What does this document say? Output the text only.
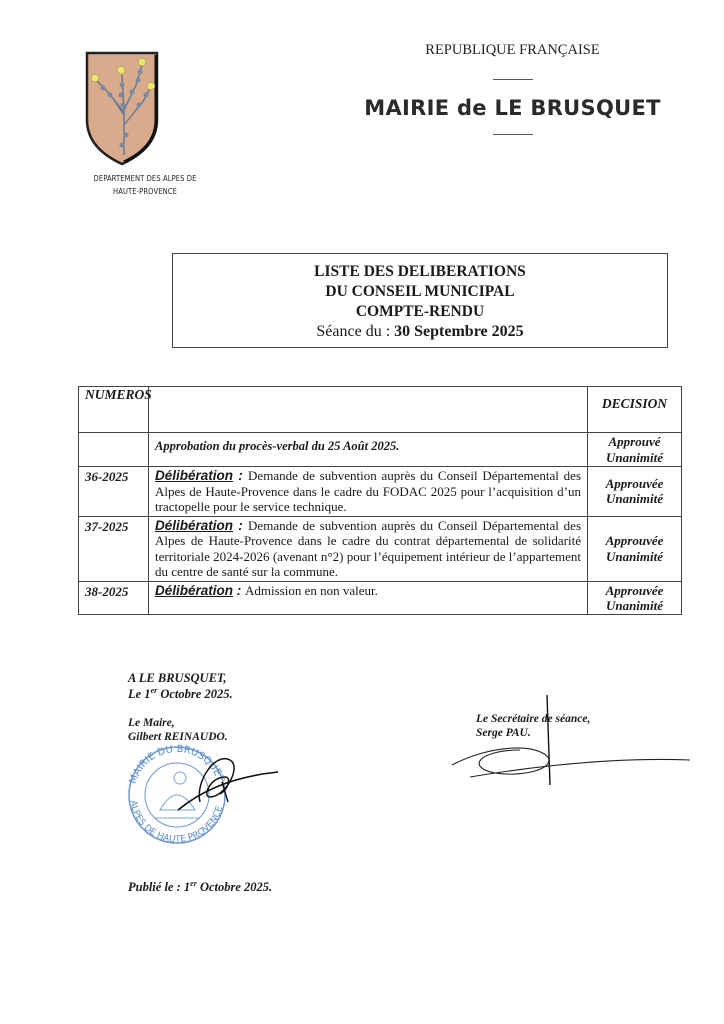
DEPARTEMENT DES ALPES DE
HAUTE-PROVENCE
REPUBLIQUE FRANÇAISE
MAIRIE de LE BRUSQUET
LISTE DES DELIBERATIONS
DU CONSEIL MUNICIPAL
COMPTE-RENDU
Séance du : 30 Septembre 2025
NUMEROS		DECISION

	Approbation du procès-verbal du 25 Août 2025.	Approuvé
Unanimité

36-2025	Délibération : Demande de subvention auprès du Conseil Départemental des Alpes de Haute-Provence dans le cadre du FODAC 2025 pour l’acquisition d’un tractopelle pour le service technique.	Approuvée
Unanimité

37-2025	Délibération : Demande de subvention auprès du Conseil Départemental des Alpes de Haute-Provence dans le cadre du contrat départemental de solidarité territoriale 2024-2026 (avenant n°2) pour l’équipement intérieur de l’appartement du centre de santé sur la commune.	Approuvée
Unanimité

38-2025	Délibération : Admission en non valeur.	Approuvée
Unanimité
A LE BRUSQUET,
Le 1er Octobre 2025.
Le Maire,
Gilbert REINAUDO.
MAIRIE DU BRUSQUET
ALPES DE HAUTE PROVENCE
Le Secrétaire de séance,
Serge PAU.
Publié le : 1er Octobre 2025.
